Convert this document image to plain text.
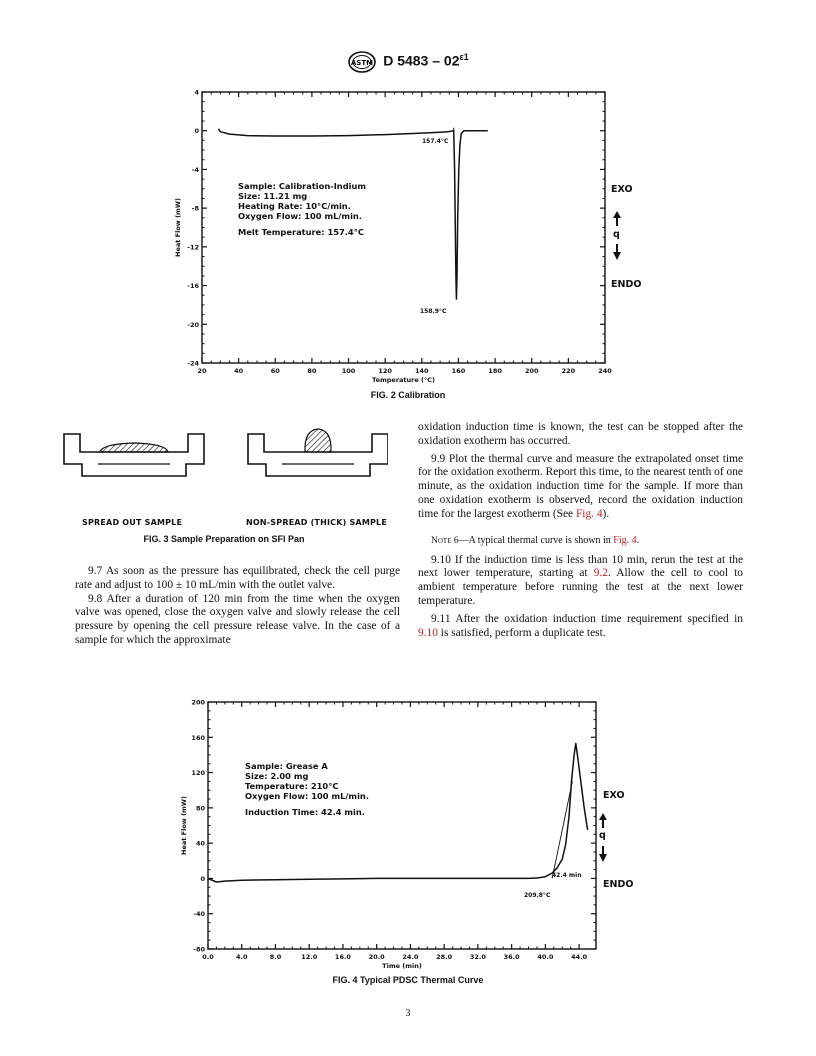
ASTM D $5483 - 02^{\varepsilon 1}$
20	40	60	80	100	120	140	160	180	200	220	240
4
0
-4
-8
-12
-16
-20
-24
Temperature (°C)
Heat Flow (mW)
Sample: Calibration-Indium
Size: 11.21 mg
Heating Rate: 10°C/min.
Oxygen Flow: 100 mL/min.
Melt Temperature: 157.4°C
157.4°C
158.9°C
EXO
q
ENDO
FIG. 2 Calibration
SPREAD OUT SAMPLE	NON-SPREAD (THICK) SAMPLE
FIG. 3 Sample Preparation on SFI Pan

9.7 As soon as the pressure has equilibrated, check the cell purge rate and adjust to 100 ± 10 mL/min with the outlet valve.

9.8 After a duration of 120 min from the time when the oxygen valve was opened, close the oxygen valve and slowly release the cell pressure by opening the cell pressure release valve. In the case of a sample for which the approximate

oxidation induction time is known, the test can be stopped after the oxidation exotherm has occurred.

9.9 Plot the thermal curve and measure the extrapolated onset time for the oxidation exotherm. Report this time, to the nearest tenth of one minute, as the oxidation induction time for the sample. If more than one oxidation exotherm is observed, record the oxidation induction time for the largest exotherm (See Fig. 4).

Note 6—A typical thermal curve is shown in Fig. 4.

9.10 If the induction time is less than 10 min, rerun the test at the next lower temperature, starting at 9.2. Allow the cell to cool to ambient temperature before running the test at the next lower temperature.

9.11 After the oxidation induction time requirement specified in 9.10 is satisfied, perform a duplicate test.

0.0	4.0	8.0	12.0	16.0	20.0	24.0	28.0	32.0	36.0	40.0	44.0
200
160
120
80
40
0
-40
-80
Time (min)
Heat Flow (mW)
Sample: Grease A
Size: 2.00 mg
Temperature: 210°C
Oxygen Flow: 100 mL/min.
Induction Time: 42.4 min.
42.4 min
209.8°C
EXO
q
ENDO
FIG. 4 Typical PDSC Thermal Curve
3
